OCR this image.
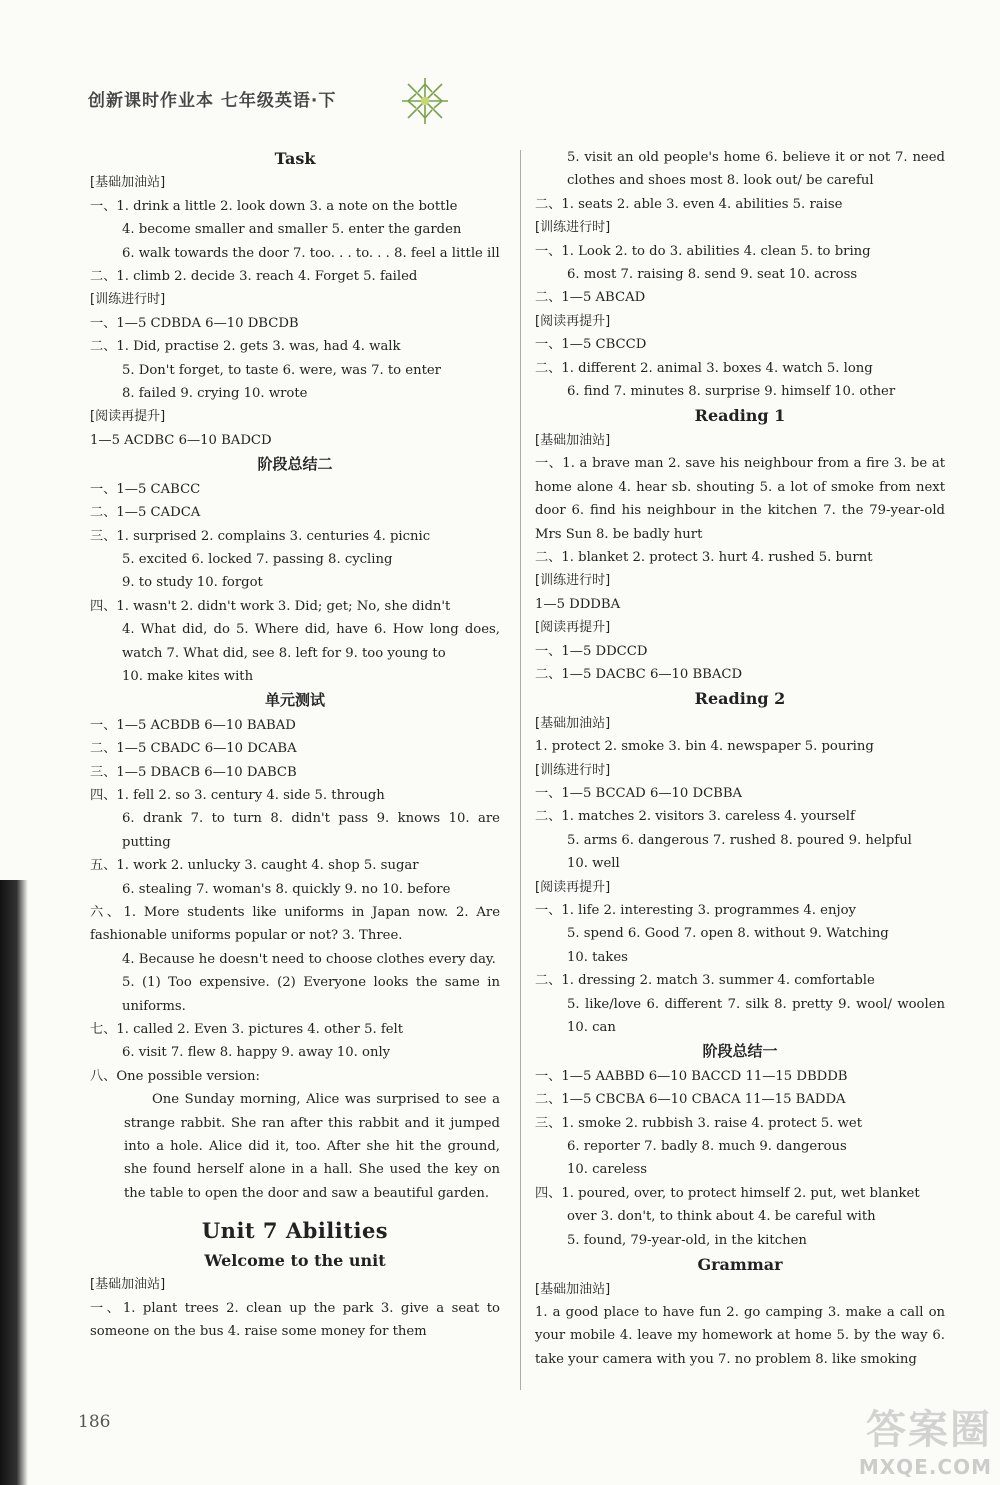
创新课时作业本 七年级英语·下
Task
[基础加油站]
一、1. drink a little 2. look down 3. a note on the bottle
4. become smaller and smaller 5. enter the garden
6. walk towards the door 7. too. . . to. . . 8. feel a little ill
二、1. climb 2. decide 3. reach 4. Forget 5. failed
[训练进行时]
一、1—5 CDBDA 6—10 DBCDB
二、1. Did, practise 2. gets 3. was, had 4. walk
5. Don't forget, to taste 6. were, was 7. to enter
8. failed 9. crying 10. wrote
[阅读再提升]
1—5 ACDBC 6—10 BADCD
阶段总结二
一、1—5 CABCC
二、1—5 CADCA
三、1. surprised 2. complains 3. centuries 4. picnic
5. excited 6. locked 7. passing 8. cycling
9. to study 10. forgot
四、1. wasn't 2. didn't work 3. Did; get; No, she didn't
4. What did, do 5. Where did, have 6. How long does, watch 7. What did, see 8. left for 9. too young to
10. make kites with
单元测试
一、1—5 ACBDB 6—10 BABAD
二、1—5 CBADC 6—10 DCABA
三、1—5 DBACB 6—10 DABCB
四、1. fell 2. so 3. century 4. side 5. through
6. drank 7. to turn 8. didn't pass 9. knows 10. are putting
五、1. work 2. unlucky 3. caught 4. shop 5. sugar
6. stealing 7. woman's 8. quickly 9. no 10. before
六、1. More students like uniforms in Japan now. 2. Are fashionable uniforms popular or not? 3. Three.
4. Because he doesn't need to choose clothes every day.
5. (1) Too expensive. (2) Everyone looks the same in uniforms.
七、1. called 2. Even 3. pictures 4. other 5. felt
6. visit 7. flew 8. happy 9. away 10. only
八、One possible version:
One Sunday morning, Alice was surprised to see a strange rabbit. She ran after this rabbit and it jumped into a hole. Alice did it, too. After she hit the ground, she found herself alone in a hall. She used the key on the table to open the door and saw a beautiful garden.
Unit 7 Abilities
Welcome to the unit
[基础加油站]
一、1. plant trees 2. clean up the park 3. give a seat to someone on the bus 4. raise some money for them
5. visit an old people's home 6. believe it or not 7. need clothes and shoes most 8. look out/ be careful
二、1. seats 2. able 3. even 4. abilities 5. raise
[训练进行时]
一、1. Look 2. to do 3. abilities 4. clean 5. to bring
6. most 7. raising 8. send 9. seat 10. across
二、1—5 ABCAD
[阅读再提升]
一、1—5 CBCCD
二、1. different 2. animal 3. boxes 4. watch 5. long
6. find 7. minutes 8. surprise 9. himself 10. other
Reading 1
[基础加油站]
一、1. a brave man 2. save his neighbour from a fire 3. be at home alone 4. hear sb. shouting 5. a lot of smoke from next door 6. find his neighbour in the kitchen 7. the 79-year-old Mrs Sun 8. be badly hurt
二、1. blanket 2. protect 3. hurt 4. rushed 5. burnt
[训练进行时]
1—5 DDDBA
[阅读再提升]
一、1—5 DDCCD
二、1—5 DACBC 6—10 BBACD
Reading 2
[基础加油站]
1. protect 2. smoke 3. bin 4. newspaper 5. pouring
[训练进行时]
一、1—5 BCCAD 6—10 DCBBA
二、1. matches 2. visitors 3. careless 4. yourself
5. arms 6. dangerous 7. rushed 8. poured 9. helpful
10. well
[阅读再提升]
一、1. life 2. interesting 3. programmes 4. enjoy
5. spend 6. Good 7. open 8. without 9. Watching
10. takes
二、1. dressing 2. match 3. summer 4. comfortable
5. like/love 6. different 7. silk 8. pretty 9. wool/ woolen 10. can
阶段总结一
一、1—5 AABBD 6—10 BACCD 11—15 DBDDB
二、1—5 CBCBA 6—10 CBACA 11—15 BADDA
三、1. smoke 2. rubbish 3. raise 4. protect 5. wet
6. reporter 7. badly 8. much 9. dangerous
10. careless
四、1. poured, over, to protect himself 2. put, wet blanket
over 3. don't, to think about 4. be careful with
5. found, 79-year-old, in the kitchen
Grammar
[基础加油站]
1. a good place to have fun 2. go camping 3. make a call on your mobile 4. leave my homework at home 5. by the way 6. take your camera with you 7. no problem 8. like smoking
186	答案圈
MXQE.COM
